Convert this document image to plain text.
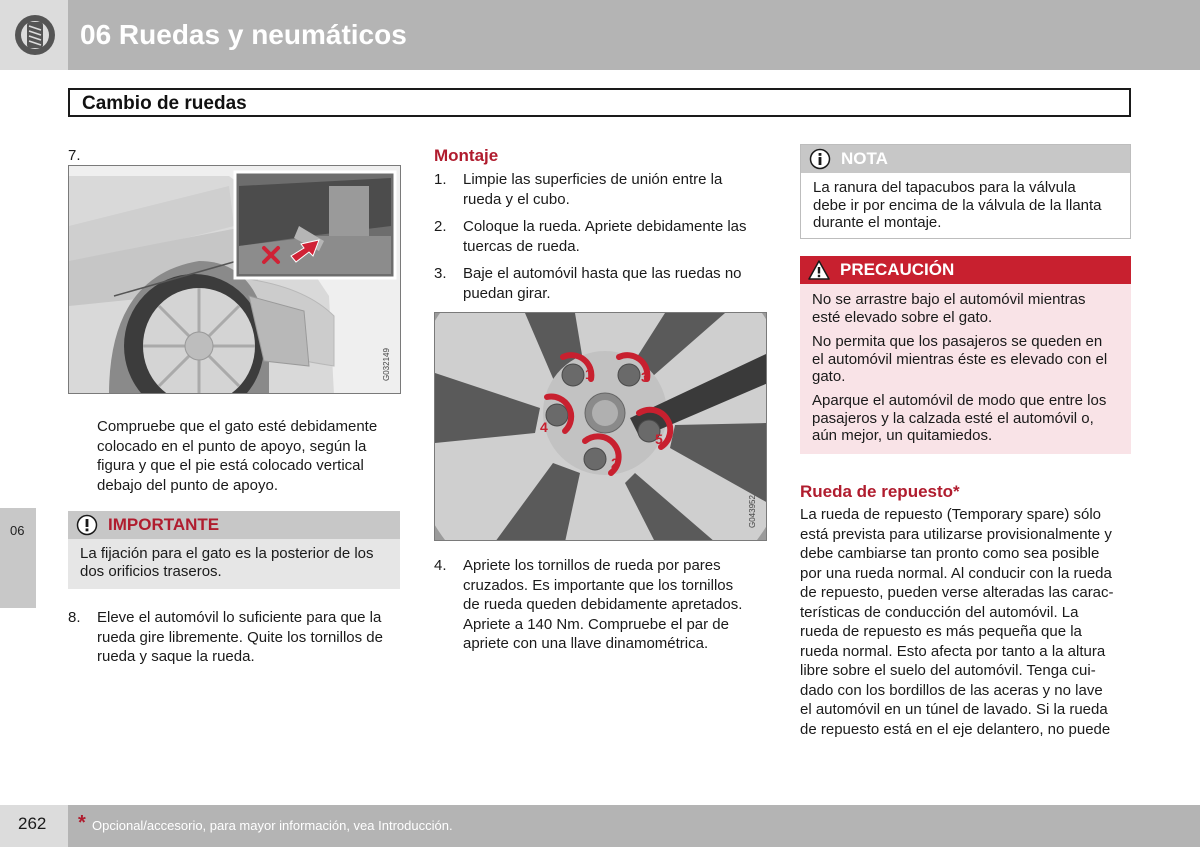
06 Ruedas y neumáticos
Cambio de ruedas
06
7.
G032149
Compruebe que el gato esté debidamente
colocado en el punto de apoyo, según la
figura y que el pie está colocado vertical
debajo del punto de apoyo.
IMPORTANTE
La fijación para el gato es la posterior de los
dos orificios traseros.
8. Eleve el automóvil lo suficiente para que la
rueda gire libremente. Quite los tornillos de
rueda y saque la rueda.
Montaje
1. Limpie las superficies de unión entre la
rueda y el cubo.
2. Coloque la rueda. Apriete debidamente las
tuercas de rueda.
3. Baje el automóvil hasta que las ruedas no
puedan girar.
G043952
1
2
3
4
5
4. Apriete los tornillos de rueda por pares
cruzados. Es importante que los tornillos
de rueda queden debidamente apretados.
Apriete a 140 Nm. Compruebe el par de
apriete con una llave dinamométrica.
NOTA
La ranura del tapacubos para la válvula
debe ir por encima de la válvula de la llanta
durante el montaje.
PRECAUCIÓN
No se arrastre bajo el automóvil mientras
esté elevado sobre el gato.
No permita que los pasajeros se queden en
el automóvil mientras éste es elevado con el
gato.
Aparque el automóvil de modo que entre los
pasajeros y la calzada esté el automóvil o,
aún mejor, un quitamiedos.
Rueda de repuesto*
La rueda de repuesto (Temporary spare) sólo
está prevista para utilizarse provisionalmente y
debe cambiarse tan pronto como sea posible
por una rueda normal. Al conducir con la rueda
de repuesto, pueden verse alteradas las carac-
terísticas de conducción del automóvil. La
rueda de repuesto es más pequeña que la
rueda normal. Esto afecta por tanto a la altura
libre sobre el suelo del automóvil. Tenga cui-
dado con los bordillos de las aceras y no lave
el automóvil en un túnel de lavado. Si la rueda
de repuesto está en el eje delantero, no puede
262 * Opcional/accesorio, para mayor información, vea Introducción.
